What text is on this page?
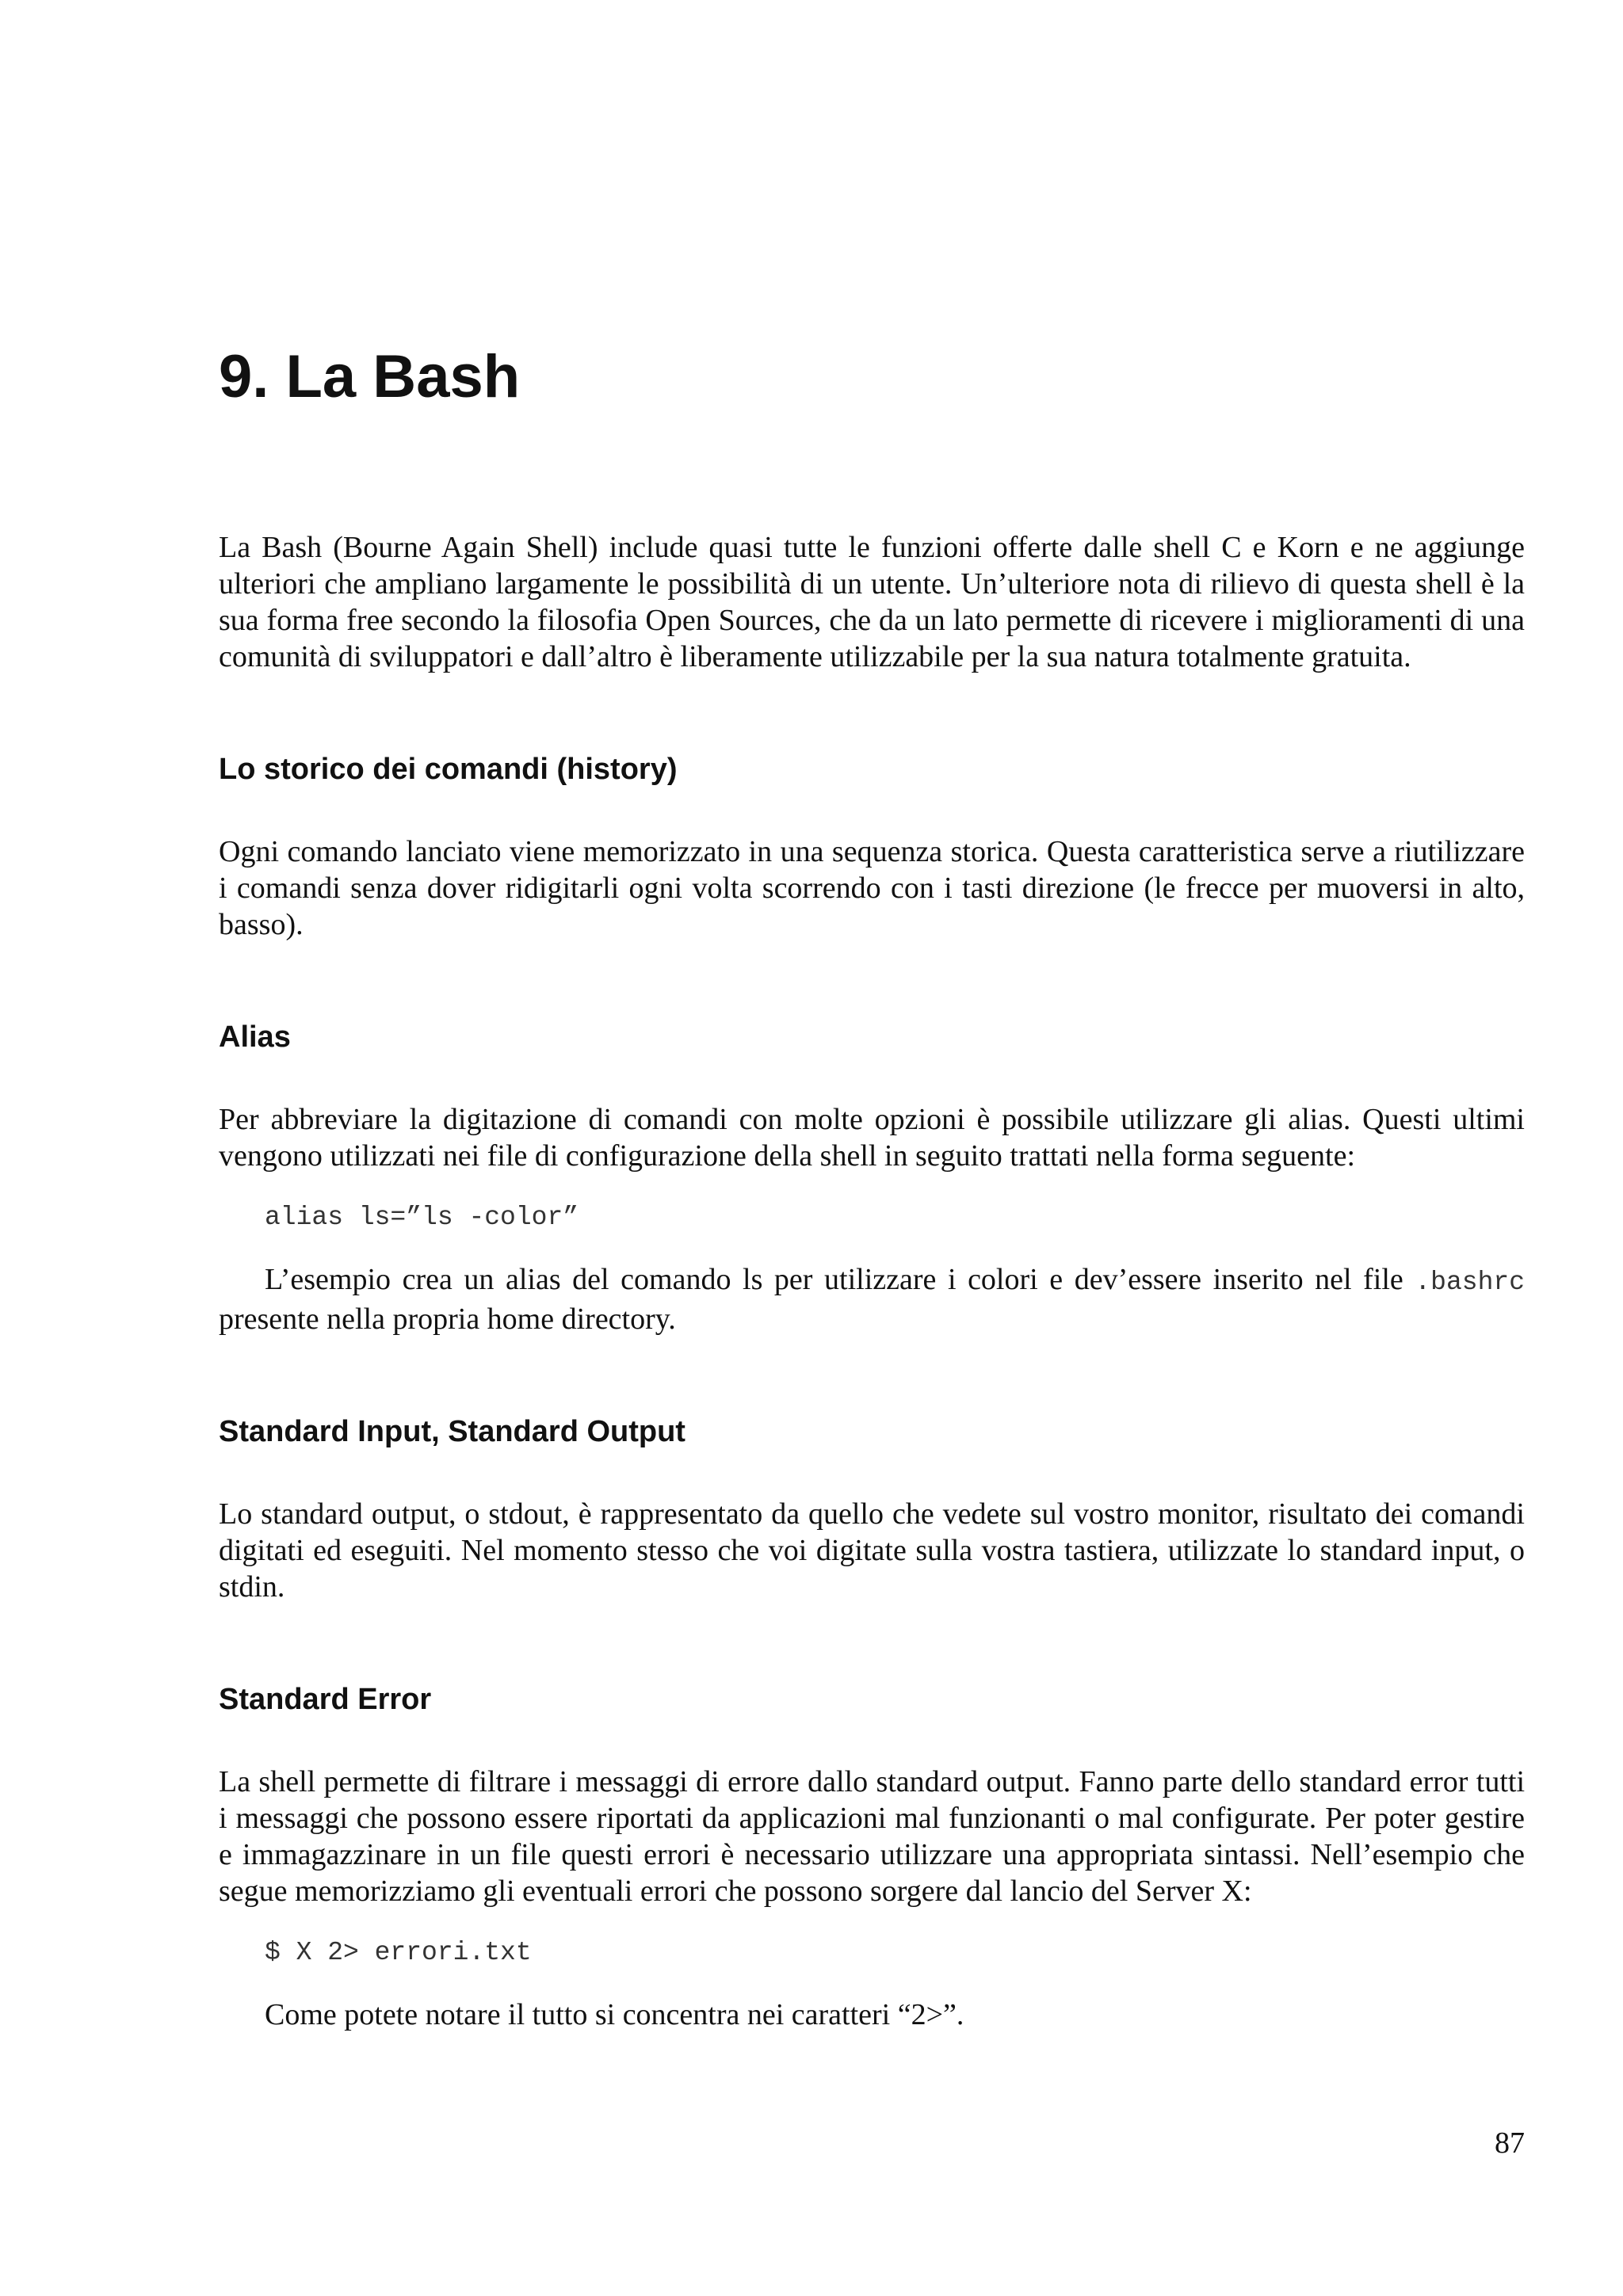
9. La Bash

La Bash (Bourne Again Shell) include quasi tutte le funzioni offerte dalle shell C e Korn e ne aggiunge ulteriori che ampliano largamente le possibilità di un utente. Un’ulteriore nota di rilievo di questa shell è la sua forma free secondo la filosofia Open Sources, che da un lato permette di ricevere i miglioramenti di una comunità di sviluppatori e dall’altro è liberamente utilizzabile per la sua natura totalmente gratuita.

Lo storico dei comandi (history)

Ogni comando lanciato viene memorizzato in una sequenza storica. Questa caratteristica serve a riutilizzare i comandi senza dover ridigitarli ogni volta scorrendo con i tasti direzione (le frecce per muoversi in alto, basso).

Alias

Per abbreviare la digitazione di comandi con molte opzioni è possibile utilizzare gli alias. Questi ultimi vengono utilizzati nei file di configurazione della shell in seguito trattati nella forma seguente:

alias ls=”ls -color”

L’esempio crea un alias del comando ls per utilizzare i colori e dev’essere inserito nel file .bashrc presente nella propria home directory.

Standard Input, Standard Output

Lo standard output, o stdout, è rappresentato da quello che vedete sul vostro monitor, risultato dei comandi digitati ed eseguiti. Nel momento stesso che voi digitate sulla vostra tastiera, utilizzate lo standard input, o stdin.

Standard Error

La shell permette di filtrare i messaggi di errore dallo standard output. Fanno parte dello standard error tutti i messaggi che possono essere riportati da applicazioni mal funzionanti o mal configurate. Per poter gestire e immagazzinare in un file questi errori è necessario utilizzare una appropriata sintassi. Nell’esempio che segue memorizziamo gli eventuali errori che possono sorgere dal lancio del Server X:

$ X 2> errori.txt

Come potete notare il tutto si concentra nei caratteri “2>”.

87
